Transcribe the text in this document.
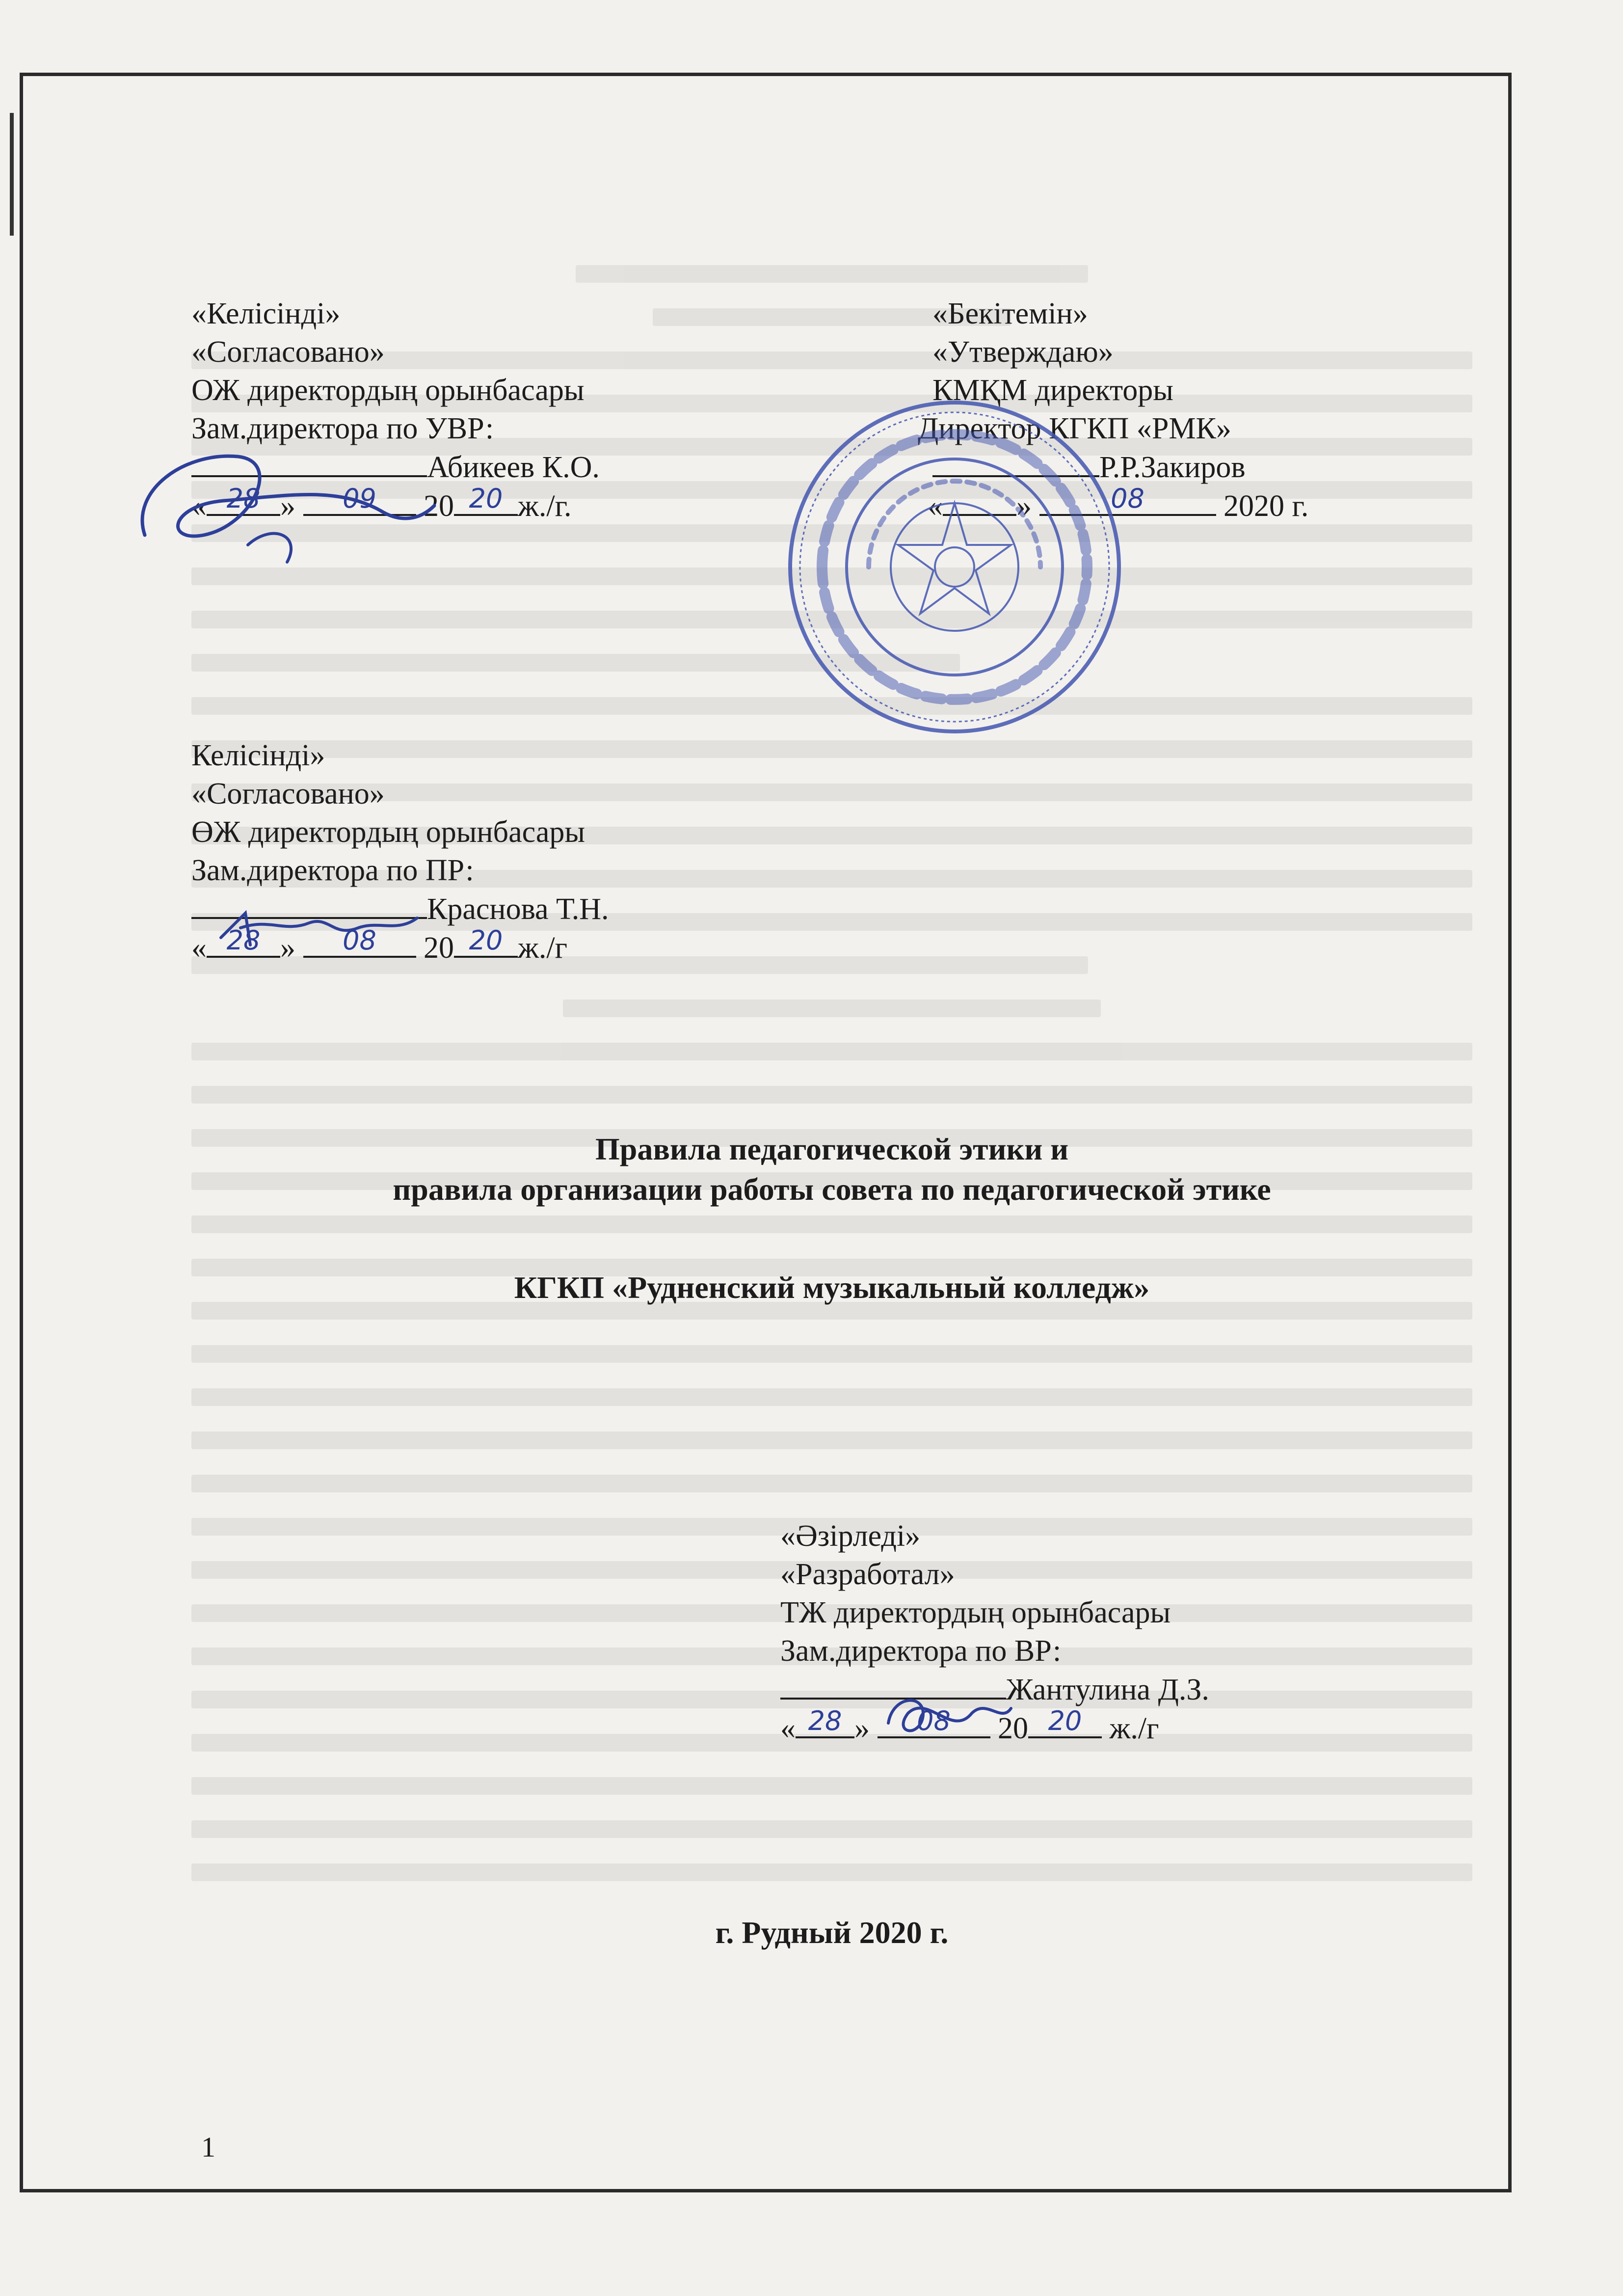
«Келісінді»
«Согласовано»
ОЖ директордың орынбасары
Зам.директора по УВР:
Абикеев К.О.
« 28 »	09	20 20 ж./г.
«Бекітемін»
«Утверждаю»
КМҚМ директоры
Директор КГКП «РМК»
Р.Р.Закиров
« »	08	2020 г.
Келісінді»
«Согласовано»
ӨЖ директордың орынбасары
Зам.директора по ПР:
Краснова Т.Н.
« 28 »	08	20 20 ж./г
Правила педагогической этики и
правила организации работы совета по педагогической этике
КГКП «Рудненский музыкальный колледж»
«Әзірледі»
«Разработал»
ТЖ директордың орынбасары
Зам.директора по ВР:
Жантулина Д.З.
« 28 »	08	20 20 ж./г
г. Рудный 2020 г.
1
